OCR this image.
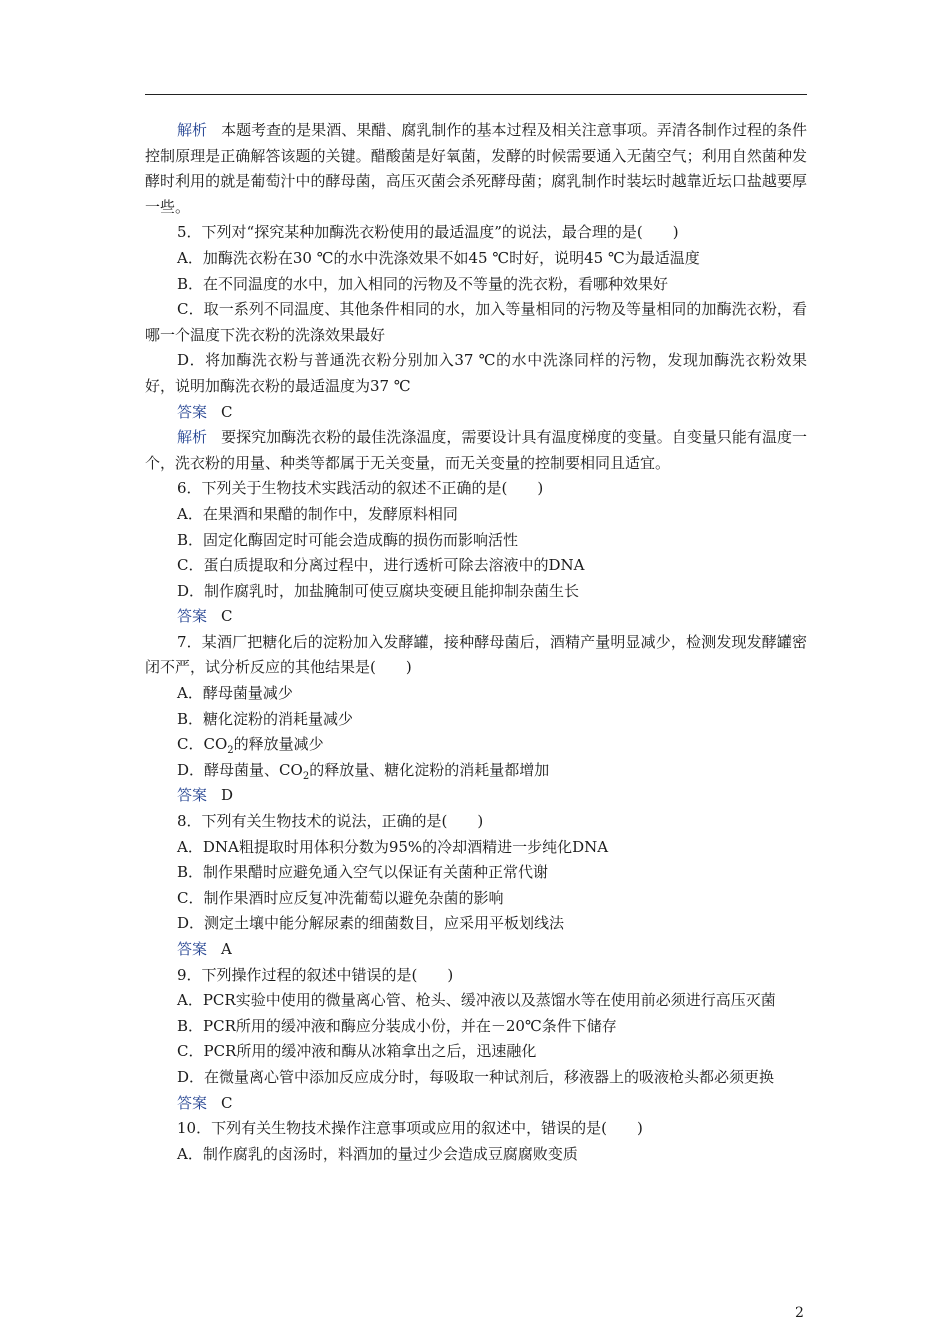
解析 本题考查的是果酒、果醋、腐乳制作的基本过程及相关注意事项。弄清各制作过程的条件控制原理是正确解答该题的关键。醋酸菌是好氧菌，发酵的时候需要通入无菌空气；利用自然菌种发酵时利用的就是葡萄汁中的酵母菌，高压灭菌会杀死酵母菌；腐乳制作时装坛时越靠近坛口盐越要厚一些。

5．下列对“探究某种加酶洗衣粉使用的最适温度”的说法，最合理的是(　　)

A．加酶洗衣粉在30 ℃的水中洗涤效果不如45 ℃时好，说明45 ℃为最适温度

B．在不同温度的水中，加入相同的污物及不等量的洗衣粉，看哪种效果好

C．取一系列不同温度、其他条件相同的水，加入等量相同的污物及等量相同的加酶洗衣粉，看哪一个温度下洗衣粉的洗涤效果最好

D．将加酶洗衣粉与普通洗衣粉分别加入37 ℃的水中洗涤同样的污物，发现加酶洗衣粉效果好，说明加酶洗衣粉的最适温度为37 ℃

答案 C

解析 要探究加酶洗衣粉的最佳洗涤温度，需要设计具有温度梯度的变量。自变量只能有温度一个，洗衣粉的用量、种类等都属于无关变量，而无关变量的控制要相同且适宜。

6．下列关于生物技术实践活动的叙述不正确的是(　　)

A．在果酒和果醋的制作中，发酵原料相同

B．固定化酶固定时可能会造成酶的损伤而影响活性

C．蛋白质提取和分离过程中，进行透析可除去溶液中的DNA

D．制作腐乳时，加盐腌制可使豆腐块变硬且能抑制杂菌生长

答案 C

7．某酒厂把糖化后的淀粉加入发酵罐，接种酵母菌后，酒精产量明显减少，检测发现发酵罐密闭不严，试分析反应的其他结果是(　　)

A．酵母菌量减少

B．糖化淀粉的消耗量减少

C．$CO_2$的释放量减少

D．酵母菌量、$CO_2$的释放量、糖化淀粉的消耗量都增加

答案 D

8．下列有关生物技术的说法，正确的是(　　)

A．DNA粗提取时用体积分数为95%的冷却酒精进一步纯化DNA

B．制作果醋时应避免通入空气以保证有关菌种正常代谢

C．制作果酒时应反复冲洗葡萄以避免杂菌的影响

D．测定土壤中能分解尿素的细菌数目，应采用平板划线法

答案 A

9．下列操作过程的叙述中错误的是(　　)

A．PCR实验中使用的微量离心管、枪头、缓冲液以及蒸馏水等在使用前必须进行高压灭菌

B．PCR所用的缓冲液和酶应分装成小份，并在－20℃条件下储存

C．PCR所用的缓冲液和酶从冰箱拿出之后，迅速融化

D．在微量离心管中添加反应成分时，每吸取一种试剂后，移液器上的吸液枪头都必须更换

答案 C

10．下列有关生物技术操作注意事项或应用的叙述中，错误的是(　　)

A．制作腐乳的卤汤时，料酒加的量过少会造成豆腐腐败变质

2
